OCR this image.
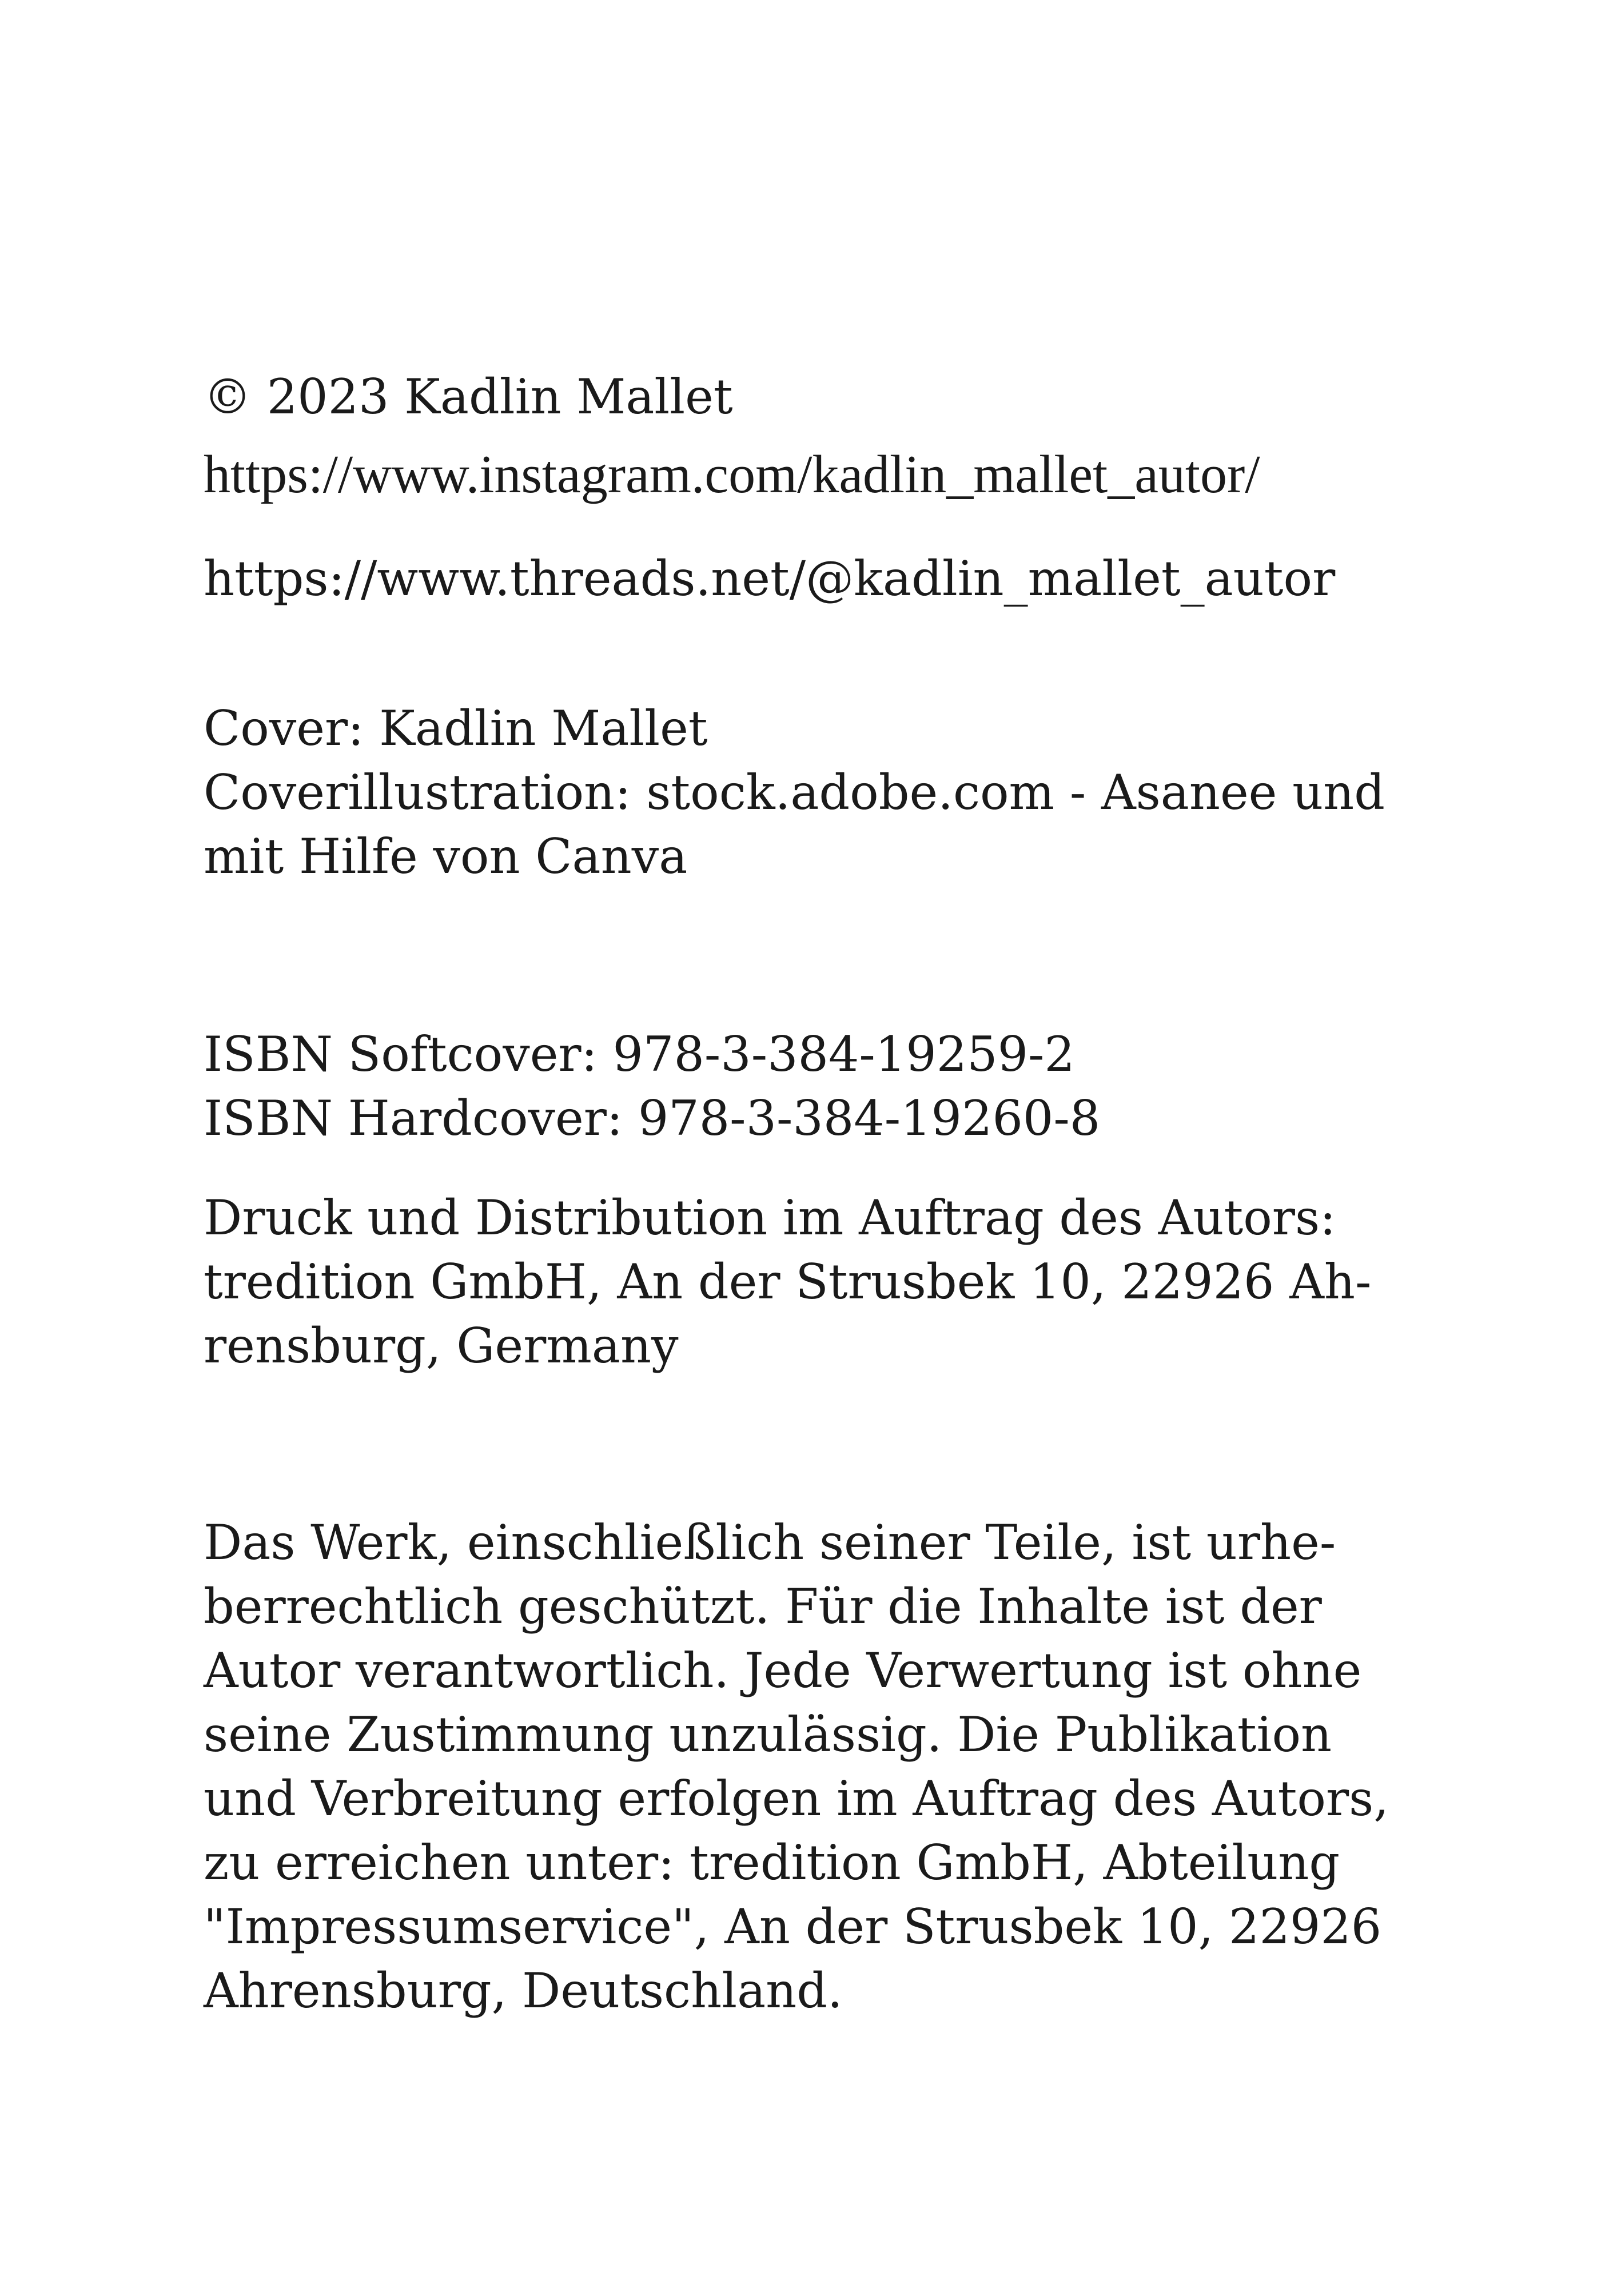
© 2023 Kadlin Mallet

https://www.instagram.com/kadlin_mallet_autor/

https://www.threads.net/@kadlin_mallet_autor

Cover: Kadlin Mallet

Coverillustration: stock.adobe.com - Asanee und

mit Hilfe von Canva

ISBN Softcover: 978-3-384-19259-2

ISBN Hardcover: 978-3-384-19260-8

Druck und Distribution im Auftrag des Autors:

tredition GmbH, An der Strusbek 10, 22926 Ah-

rensburg, Germany

Das Werk, einschließlich seiner Teile, ist urhe-

berrechtlich geschützt. Für die Inhalte ist der

Autor verantwortlich. Jede Verwertung ist ohne

seine Zustimmung unzulässig. Die Publikation

und Verbreitung erfolgen im Auftrag des Autors,

zu erreichen unter: tredition GmbH, Abteilung

"Impressumservice", An der Strusbek 10, 22926

Ahrensburg, Deutschland.
